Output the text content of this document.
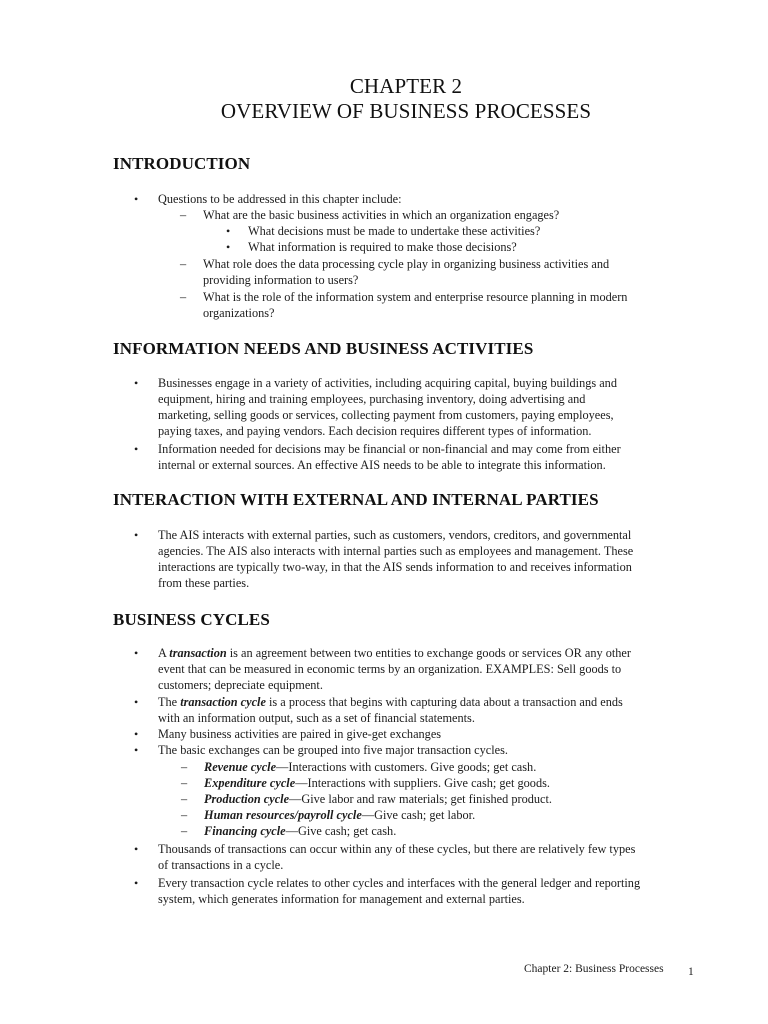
CHAPTER 2
OVERVIEW OF BUSINESS PROCESSES
INTRODUCTION
• Questions to be addressed in this chapter include:
– What are the basic business activities in which an organization engages?
• What decisions must be made to undertake these activities?
• What information is required to make those decisions?
– What role does the data processing cycle play in organizing business activities and
providing information to users?
– What is the role of the information system and enterprise resource planning in modern
organizations?
INFORMATION NEEDS AND BUSINESS ACTIVITIES
• Businesses engage in a variety of activities, including acquiring capital, buying buildings and
equipment, hiring and training employees, purchasing inventory, doing advertising and
marketing, selling goods or services, collecting payment from customers, paying employees,
paying taxes, and paying vendors. Each decision requires different types of information.
• Information needed for decisions may be financial or non-financial and may come from either
internal or external sources. An effective AIS needs to be able to integrate this information.
INTERACTION WITH EXTERNAL AND INTERNAL PARTIES
• The AIS interacts with external parties, such as customers, vendors, creditors, and governmental
agencies. The AIS also interacts with internal parties such as employees and management. These
interactions are typically two-way, in that the AIS sends information to and receives information
from these parties.
BUSINESS CYCLES
• A transaction is an agreement between two entities to exchange goods or services OR any other
event that can be measured in economic terms by an organization. EXAMPLES: Sell goods to
customers; depreciate equipment.
• The transaction cycle is a process that begins with capturing data about a transaction and ends
with an information output, such as a set of financial statements.
• Many business activities are paired in give-get exchanges
• The basic exchanges can be grouped into five major transaction cycles.
– Revenue cycle—Interactions with customers. Give goods; get cash.
– Expenditure cycle—Interactions with suppliers. Give cash; get goods.
– Production cycle—Give labor and raw materials; get finished product.
– Human resources/payroll cycle—Give cash; get labor.
– Financing cycle—Give cash; get cash.
• Thousands of transactions can occur within any of these cycles, but there are relatively few types
of transactions in a cycle.
• Every transaction cycle relates to other cycles and interfaces with the general ledger and reporting
system, which generates information for management and external parties.
Chapter 2: Business Processes 1
